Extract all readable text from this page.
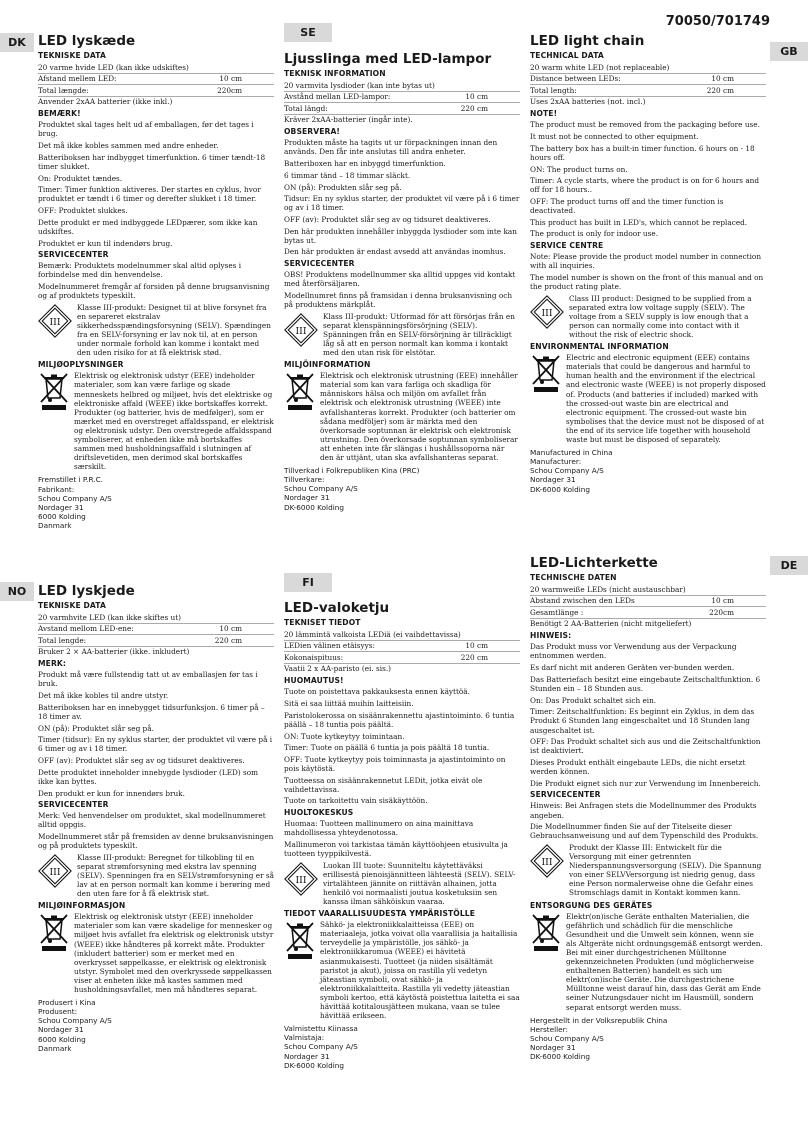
70050/701749
DK
NO
SE
FI
GB
DE
LED lyskæde
TEKNISKE DATA
20 varme hvide LED (kan ikke udskiftes)
Afstand mellem LED:	10 cm
Total længde:	220cm
Anvender 2xAA batterier (ikke inkl.)
BEMÆRK!
Produktet skal tages helt ud af emballagen, før det tages i brug.
Det må ikke kobles sammen med andre enheder.
Batteriboksen har indbygget timerfunktion. 6 timer tændt-18 timer slukket.
On: Produktet tændes.
Timer: Timer funktion aktiveres. Der startes en cyklus, hvor produktet er tændt i 6 timer og derefter slukket i 18 timer.
OFF: Produktet slukkes.
Dette produkt er med indbyggede LEDpærer, som ikke kan udskiftes.
Produktet er kun til indendørs brug.
SERVICECENTER
Bemærk: Produktets modelnummer skal altid oplyses i forbindelse med din henvendelse.
Modelnummeret fremgår af forsiden på denne brugsanvisning og af produktets typeskilt.
III
Klasse III-produkt: Designet til at blive forsynet fra en separeret ekstralav sikkerhedsspændingsforsyning (SELV). Spændingen fra en SELV-forsyning er lav nok til, at en person under normale forhold kan komme i kontakt med den uden risiko for at få elektrisk stød.
MILJØOPLYSNINGER
Elektrisk og elektronisk udstyr (EEE) indeholder materialer, som kan være farlige og skade menneskets helbred og miljøet, hvis det elektriske og elektroniske affald (WEEE) ikke bortskaffes korrekt. Produkter (og batterier, hvis de medfølger), som er mærket med en overstreget affaldsspand, er elektrisk og elektronisk udstyr. Den overstregede affaldsspand symboliserer, at enheden ikke må bortskaffes sammen med husholdningsaffald i slutningen af driftslevetiden, men derimod skal bortskaffes særskilt.
Fremstillet i P.R.C.
Fabrikant:
Schou Company A/S
Nordager 31
6000 Kolding
Danmark
LED lyskjede
TEKNISKE DATA
20 varmhvite LED (kan ikke skiftes ut)
Avstand mellom LED-ene:	10 cm
Total lengde:	220 cm
Bruker 2 × AA-batterier (ikke. inkludert)
MERK:
Produkt må være fullstendig tatt ut av emballasjen før tas i bruk.
Det må ikke kobles til andre utstyr.
Batteriboksen har en innebygget tidsurfunksjon. 6 timer på – 18 timer av.
ON (på): Produktet slår seg på.
Timer (tidsur): En ny syklus starter, der produktet vil være på i 6 timer og av i 18 timer.
OFF (av): Produktet slår seg av og tidsuret deaktiveres.
Dette produktet inneholder innebygde lysdioder (LED) som ikke kan byttes.
Den produkt er kun for innendørs bruk.
SERVICECENTER
Merk: Ved henvendelser om produktet, skal modellnummeret alltid oppgis.
Modellnummeret står på fremsiden av denne bruksanvisningen og på produktets typeskilt.
III
Klasse III-produkt: Beregnet for tilkobling til en separat strømforsyning med ekstra lav spenning (SELV). Spenningen fra en SELVstrømforsyning er så lav at en person normalt kan komme i berøring med den uten fare for å få elektrisk støt.
MILJØINFORMASJON
Elektrisk og elektronisk utstyr (EEE) inneholder materialer som kan være skadelige for mennesker og miljøet hvis avfallet fra elektrisk og elektronisk utstyr (WEEE) ikke håndteres på korrekt måte. Produkter (inkludert batterier) som er merket med en overkrysset søppelkasse, er elektrisk og elektronisk utstyr. Symbolet med den overkryssede søppelkassen viser at enheten ikke må kastes sammen med husholdningsavfallet, men må håndteres separat.
Produsert i Kina
Produsent:
Schou Company A/S
Nordager 31
6000 Kolding
Danmark
Ljusslinga med LED-lampor
TEKNISK INFORMATION
20 varmvita lysdioder (kan inte bytas ut)
Avstånd mellan LED-lampor:	10 cm
Total längd:	220 cm
Kräver 2xAA-batterier (ingår inte).
OBSERVERA!
Produkten måste ha tagits ut ur förpackningen innan den används. Den får inte anslutas till andra enheter.
Batteriboxen har en inbyggd timerfunktion.
6 timmar tänd – 18 timmar släckt.
ON (på): Produkten slår seg på.
Tidsur: En ny syklus starter, der produktet vil være på i 6 timer og av i 18 timer.
OFF (av): Produktet slår seg av og tidsuret deaktiveres.
Den här produkten innehåller inbyggda lysdioder som inte kan bytas ut.
Den här produkten är endast avsedd att användas inomhus.
SERVICECENTER
OBS! Produktens modellnummer ska alltid uppges vid kontakt med återförsäljaren.
Modellnumret finns på framsidan i denna bruksanvisning och på produktens märkplåt.
III
Klass III-produkt: Utformad för att försörjas från en separat klenspänningsförsörjning (SELV). Spänningen från en SELV-försörjning är tillräckligt låg så att en person normalt kan komma i kontakt med den utan risk för elstötar.
MILJÖINFORMATION
Elektrisk och elektronisk utrustning (EEE) innehåller material som kan vara farliga och skadliga för människors hälsa och miljön om avfallet från elektrisk och elektronisk utrustning (WEEE) inte avfallshanteras korrekt. Produkter (och batterier om sådana medföljer) som är märkta med den överkorsade soptunnan är elektrisk och elektronisk utrustning. Den överkorsade soptunnan symboliserar att enheten inte får slängas i hushållssoporna när den är uttjänt, utan ska avfallshanteras separat.
Tillverkad i Folkrepubliken Kina (PRC)
Tillverkare:
Schou Company A/S
Nordager 31
DK-6000 Kolding
LED-valoketju
TEKNISET TIEDOT
20 lämmintä valkoista LEDiä (ei vaihdettavissa)
LEDien välinen etäisyys:	10 cm
Kokonaispituus:	220 cm
Vaatii 2 x AA-paristo (ei. sis.)
HUOMAUTUS!
Tuote on poistettava pakkauksesta ennen käyttöä.
Sitä ei saa liittää muihin laitteisiin.
Paristolokerossa on sisäänrakennettu ajastintoiminto. 6 tuntia päällä – 18 tuntia pois päältä.
ON: Tuote kytkeytyy toimintaan.
Timer: Tuote on päällä 6 tuntia ja pois päältä 18 tuntia.
OFF: Tuote kytkeytyy pois toiminnasta ja ajastintoiminto on pois käytöstä.
Tuotteessa on sisäänrakennetut LEDit, jotka eivät ole vaihdettavissa.
Tuote on tarkoitettu vain sisäkäyttöön.
HUOLTOKESKUS
Huomaa: Tuotteen mallinumero on aina mainittava mahdollisessa yhteydenotossa.
Mallinumeron voi tarkistaa tämän käyttöohjeen etusivulta ja tuotteen tyyppikilvestä.
III
Luokan III tuote: Suunniteltu käytettäväksi erillisestä pienoisjännitteen lähteestä (SELV). SELV-virtalähteen jännite on riittävän alhainen, jotta henkilö voi normaalisti joutua kosketuksiin sen kanssa ilman sähköiskun vaaraa.
TIEDOT VAARALLISUUDESTA YMPÄRISTÖLLE
Sähkö- ja elektroniikkalaitteissa (EEE) on materiaaleja, jotka voivat olla vaarallisia ja haitallisia terveydelle ja ympäristölle, jos sähkö- ja elektroniikkaromua (WEEE) ei hävitetä asianmukaisesti. Tuotteet (ja niiden sisältämät paristot ja akut), joissa on rastilla yli vedetyn jäteastian symboli, ovat sähkö- ja elektroniikkalaitteita. Rastilla yli vedetty jäteastian symboli kertoo, että käytöstä poistettua laitetta ei saa hävittää kotitalousjätteen mukana, vaan se tulee hävittää erikseen.
Valmistettu Kiinassa
Valmistaja:
Schou Company A/S
Nordager 31
DK-6000 Kolding
LED light chain
TECHNICAL DATA
20 warm white LED (not replaceable)
Distance between LEDs:	10 cm
Total length:	220 cm
Uses 2xAA batteries (not. incl.)
NOTE!
The product must be removed from the packaging before use.
It must not be connected to other equipment.
The battery box has a built-in timer function. 6 hours on - 18 hours off.
ON: The product turns on.
Timer: A cycle starts, where the product is on for 6 hours and off for 18 hours..
OFF: The product turns off and the timer function is deactivated.
This product has built in LED's, which cannot be replaced.
The product is only for indoor use.
SERVICE CENTRE
Note: Please provide the product model number in connection with all inquiries.
The model number is shown on the front of this manual and on the product rating plate.
III
Class III product: Designed to be supplied from a separated extra low voltage supply (SELV). The voltage from a SELV supply is low enough that a person can normally come into contact with it without the risk of electric shock.
ENVIRONMENTAL INFORMATION
Electric and electronic equipment (EEE) contains materials that could be dangerous and harmful to human health and the environment if the electrical and electronic waste (WEEE) is not properly disposed of. Products (and batteries if included) marked with the crossed-out waste bin are electrical and electronic equipment. The crossed-out waste bin symbolises that the device must not be disposed of at the end of its service life together with household waste but must be disposed of separately.
Manufactured in China
Manufacturer:
Schou Company A/S
Nordager 31
DK-6000 Kolding
LED-Lichterkette
TECHNISCHE DATEN
20 warmweiße LEDs (nicht austauschbar)
Abstand zwischen den LEDs	10 cm
Gesamtlänge :	220cm
Benötigt 2 AA-Batterien (nicht mitgeliefert)
HINWEIS:
Das Produkt muss vor Verwendung aus der Verpackung entnommen werden.
Es darf nicht mit anderen Geräten ver-bunden werden.
Das Batteriefach besitzt eine eingebaute Zeitschaltfunktion. 6 Stunden ein – 18 Stunden aus.
On: Das Produkt schaltet sich ein.
Timer: Zeitschaltfunktion: Es beginnt ein Zyklus, in dem das Produkt 6 Stunden lang eingeschaltet und 18 Stunden lang ausgeschaltet ist.
OFF: Das Produkt schaltet sich aus und die Zeitschaltfunktion ist deaktiviert.
Dieses Produkt enthält eingebaute LEDs, die nicht ersetzt werden können.
Die Produkt eignet sich nur zur Verwendung im Innenbereich.
SERVICECENTER
Hinweis: Bei Anfragen stets die Modellnummer des Produkts angeben.
Die Modellnummer finden Sie auf der Titelseite dieser Gebrauchsanweisung und auf dem Typenschild des Produkts.
III
Produkt der Klasse III: Entwickelt für die Versorgung mit einer getrennten Niederspannungsversorgung (SELV). Die Spannung von einer SELVVersorgung ist niedrig genug, dass eine Person normalerweise ohne die Gefahr eines Stromschlags damit in Kontakt kommen kann.
ENTSORGUNG DES GERÄTES
Elektr(on)ische Geräte enthalten Materialien, die gefährlich und schädlich für die menschliche Gesundheit und die Umwelt sein können, wenn sie als Altgeräte nicht ordnungsgemäß entsorgt werden. Bei mit einer durchgestrichenen Mülltonne gekennzeichneten Produkten (und möglicherweise enthaltenen Batterien) handelt es sich um elektr(on)ische Geräte. Die durchgestrichene Mülltonne weist darauf hin, dass das Gerät am Ende seiner Nutzungsdauer nicht im Hausmüll, sondern separat entsorgt werden muss.
Hergestellt in der Volksrepublik China
Hersteller:
Schou Company A/S
Nordager 31
DK-6000 Kolding
